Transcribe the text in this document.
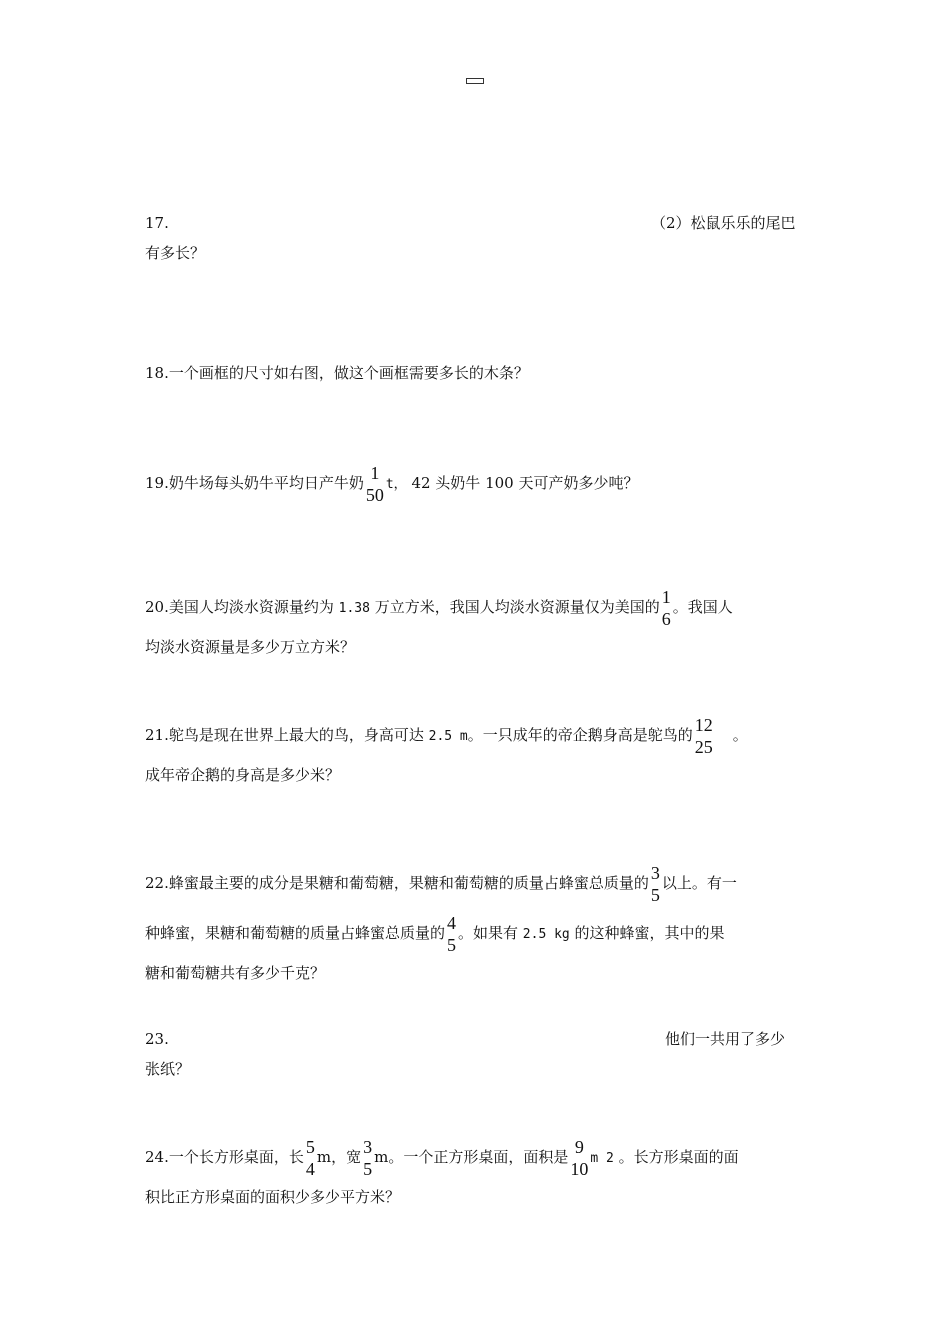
17.	（2）松鼠乐乐的尾巴
有多长？
18.一个画框的尺寸如右图，做这个画框需要多长的木条？
19.奶牛场每头奶牛平均日产牛奶 1
50
t， 42 头奶牛 100 天可产奶多少吨？
20.美国人均淡水资源量约为 1.38 万立方米，我国人均淡水资源量仅为美国的 1
6
。我国人
均淡水资源量是多少万立方米？
21.鸵鸟是现在世界上最大的鸟，身高可达 2.5 m。一只成年的帝企鹅身高是鸵鸟的 12
25
。
成年帝企鹅的身高是多少米？
22.蜂蜜最主要的成分是果糖和葡萄糖，果糖和葡萄糖的质量占蜂蜜总质量的 3
5
以上。有一
种蜂蜜，果糖和葡萄糖的质量占蜂蜜总质量的 4
5
。如果有 2.5 kg 的这种蜂蜜，其中的果
糖和葡萄糖共有多少千克？
23.	他们一共用了多少
张纸？
24.一个长方形桌面，长 5
4
m，宽 3
5
m。一个正方形桌面，面积是 9
10
m 2 。长方形桌面的面
积比正方形桌面的面积少多少平方米？
